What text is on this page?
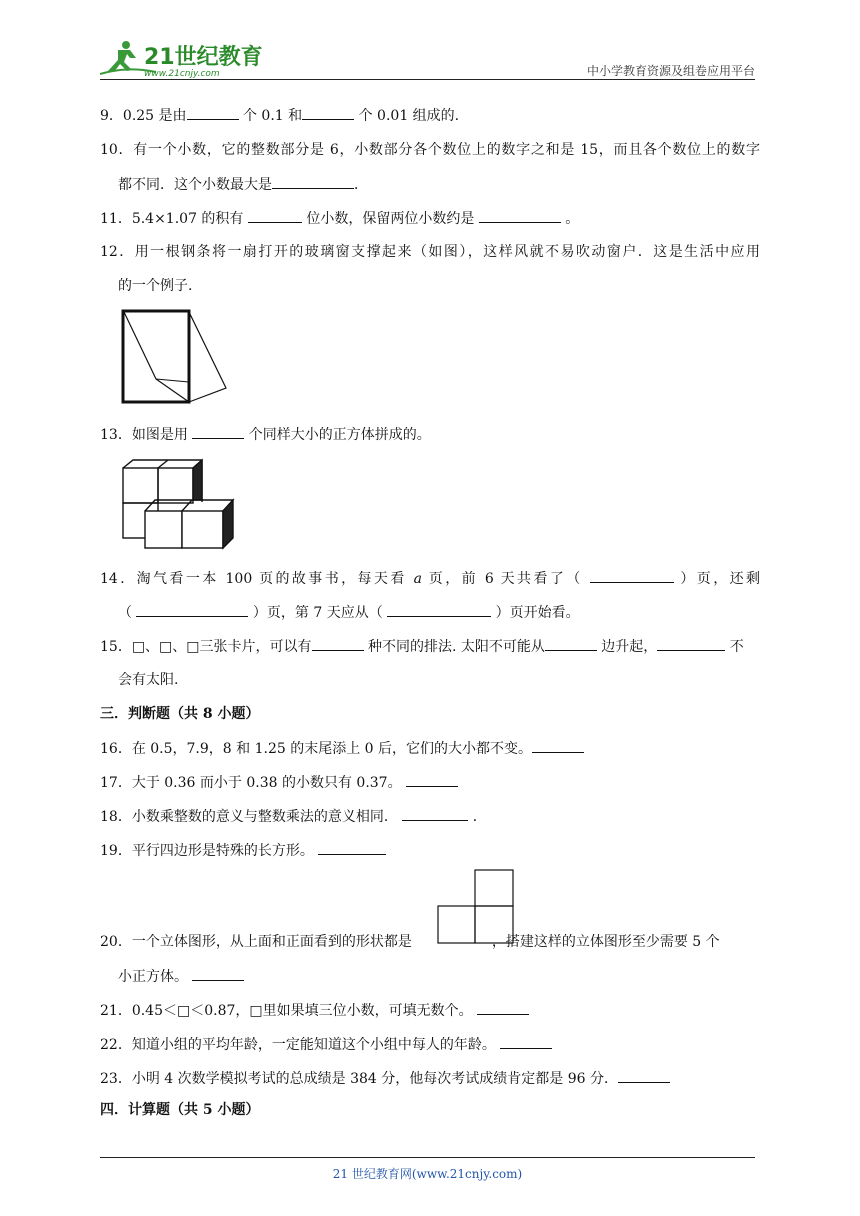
21世纪教育
www.21cnjy.com	中小学教育资源及组卷应用平台
9．0.25 是由	个 0.1 和	个 0.01 组成的.
10．有一个小数，它的整数部分是 6，小数部分各个数位上的数字之和是 15，而且各个数位上的数字
都不同．这个小数最大是	．
11．5.4×1.07 的积有	位小数，保留两位小数约是	。
12．用一根钢条将一扇打开的玻璃窗支撑起来（如图），这样风就不易吹动窗户．这是生活中应用
的一个例子.
13．如图是用	个同样大小的正方体拼成的。
14．淘气看一本 100 页的故事书，每天看 a 页，前 6 天共看了（	）页，还剩
（	）页，第 7 天应从（	）页开始看。
15．□、□、□三张卡片，可以有	种不同的排法. 太阳不可能从	边升起，	不
会有太阳.
三．判断题（共 8 小题）
16．在 0.5，7.9，8 和 1.25 的末尾添上 0 后，它们的大小都不变。
17．大于 0.36 而小于 0.38 的小数只有 0.37。
18．小数乘整数的意义与整数乘法的意义相同．	．
19．平行四边形是特殊的长方形。
20．一个立体图形，从上面和正面看到的形状都是	，搭建这样的立体图形至少需要 5 个
小正方体。
21．0.45＜□＜0.87，□里如果填三位小数，可填无数个。
22．知道小组的平均年龄，一定能知道这个小组中每人的年龄。
23．小明 4 次数学模拟考试的总成绩是 384 分，他每次考试成绩肯定都是 96 分．
四．计算题（共 5 小题）
21 世纪教育网(www.21cnjy.com)
